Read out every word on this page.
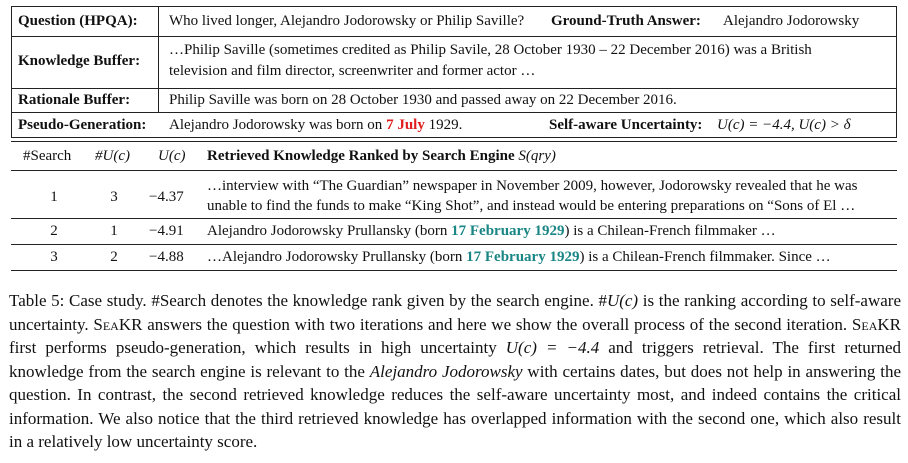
Question (HPQA): Who lived longer, Alejandro Jodorowsky or Philip Saville? Ground-Truth Answer: Alejandro Jodorowsky
Knowledge Buffer:
…Philip Saville (sometimes credited as Philip Savile, 28 October 1930 – 22 December 2016) was a British
television and film director, screenwriter and former actor …
Rationale Buffer:	Philip Saville was born on 28 October 1930 and passed away on 22 December 2016.
Pseudo-Generation: Alejandro Jodorowsky was born on 7 July 1929.	Self-aware Uncertainty: U(c) = −4.4, U(c) > δ
#Search #U(c) U(c) Retrieved Knowledge Ranked by Search Engine S(qry)
1	3	−4.37
…interview with “The Guardian” newspaper in November 2009, however, Jodorowsky revealed that he was
unable to find the funds to make “King Shot”, and instead would be entering preparations on “Sons of El …
2	1	−4.91 Alejandro Jodorowsky Prullansky (born 17 February 1929) is a Chilean-French filmmaker …
3	2	−4.88 …Alejandro Jodorowsky Prullansky (born 17 February 1929) is a Chilean-French filmmaker. Since …
Table 5: Case study. #Search denotes the knowledge rank given by the search engine. #U(c) is the ranking according to self-aware uncertainty. SeaKR answers the question with two iterations and here we show the overall process of the second iteration. SeaKR first performs pseudo-generation, which results in high uncertainty U(c) = −4.4 and triggers retrieval. The first returned knowledge from the search engine is relevant to the Alejandro Jodorowsky with certains dates, but does not help in answering the question. In contrast, the second retrieved knowledge reduces the self-aware uncertainty most, and indeed contains the critical information. We also notice that the third retrieved knowledge has overlapped information with the second one, which also result in a relatively low uncertainty score.
